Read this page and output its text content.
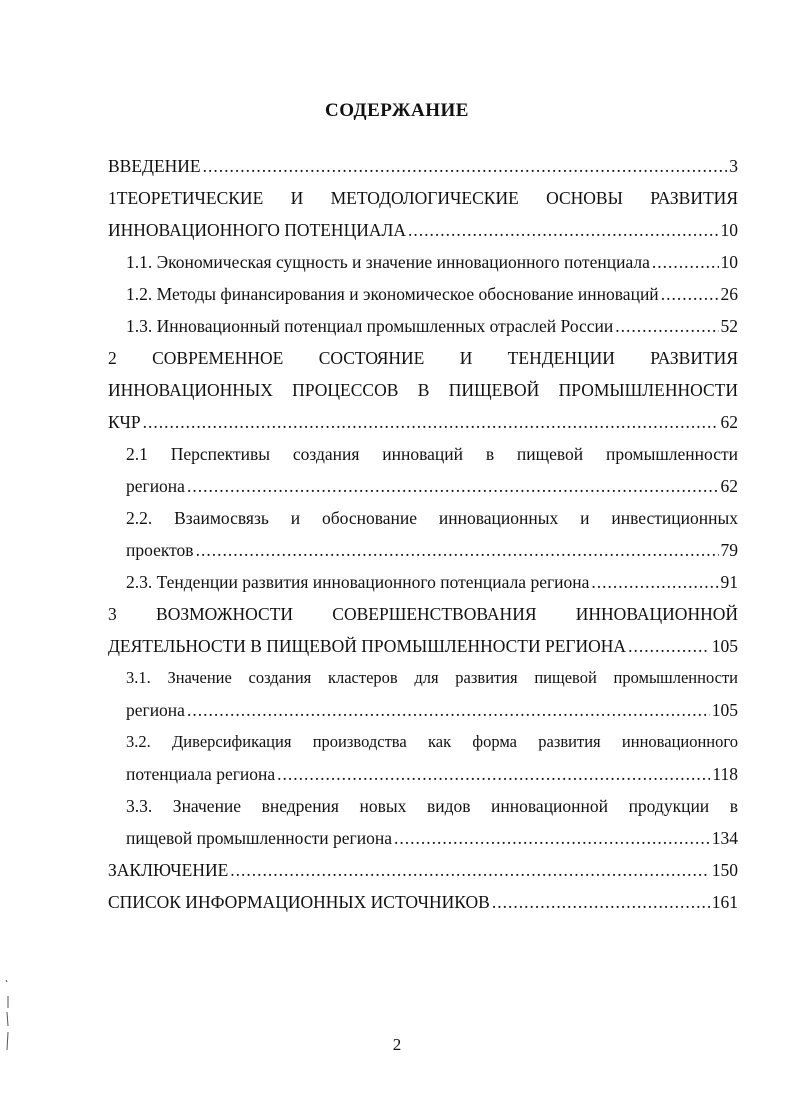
СОДЕРЖАНИЕ
ВВЕДЕНИЕ .....	3
1ТЕОРЕТИЧЕСКИЕ И МЕТОДОЛОГИЧЕСКИЕ ОСНОВЫ РАЗВИТИЯ
ИННОВАЦИОННОГО ПОТЕНЦИАЛА .....	10
1.1. Экономическая сущность и значение инновационного потенциала .....	10
1.2. Методы финансирования и экономическое обоснование инноваций .....	26
1.3. Инновационный потенциал промышленных отраслей России .....	52
2 СОВРЕМЕННОЕ СОСТОЯНИЕ И ТЕНДЕНЦИИ РАЗВИТИЯ
ИННОВАЦИОННЫХ ПРОЦЕССОВ В ПИЩЕВОЙ ПРОМЫШЛЕННОСТИ
КЧР .....	62
2.1 Перспективы создания инноваций в пищевой промышленности
региона .....	62
2.2. Взаимосвязь и обоснование инновационных и инвестиционных
проектов .....	79
2.3. Тенденции развития инновационного потенциала региона .....	91
3 ВОЗМОЖНОСТИ СОВЕРШЕНСТВОВАНИЯ ИННОВАЦИОННОЙ
ДЕЯТЕЛЬНОСТИ В ПИЩЕВОЙ ПРОМЫШЛЕННОСТИ РЕГИОНА .....	105
3.1. Значение создания кластеров для развития пищевой промышленности
региона .....	105
3.2. Диверсификация производства как форма развития инновационного
потенциала региона .....	118
3.3. Значение внедрения новых видов инновационной продукции в
пищевой промышленности региона .....	134
ЗАКЛЮЧЕНИЕ .....	150
СПИСОК ИНФОРМАЦИОННЫХ ИСТОЧНИКОВ .....	161
2
